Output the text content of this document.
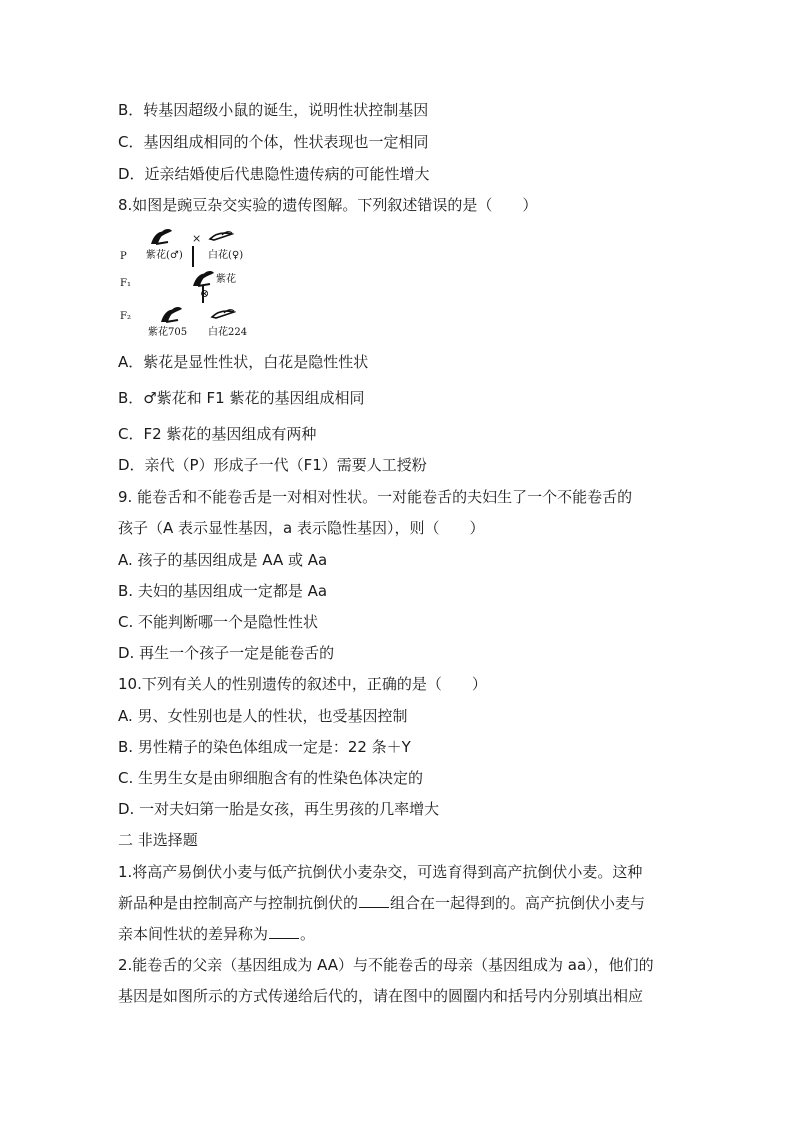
B．转基因超级小鼠的诞生，说明性状控制基因
C．基因组成相同的个体，性状表现也一定相同
D．近亲结婚使后代患隐性遗传病的可能性增大
8.如图是豌豆杂交实验的遗传图解。下列叙述错误的是（　　）
P
F₁
F₂
×
紫花(♂)	白花(♀)
紫花
⊗
紫花705 白花224
A．紫花是显性性状，白花是隐性性状
B．♂紫花和 F1 紫花的基因组成相同
C．F2 紫花的基因组成有两种
D．亲代（P）形成子一代（F1）需要人工授粉
9. 能卷舌和不能卷舌是一对相对性状。一对能卷舌的夫妇生了一个不能卷舌的
孩子（A 表示显性基因，a 表示隐性基因），则（　　）
A. 孩子的基因组成是 AA 或 Aa
B. 夫妇的基因组成一定都是 Aa
C. 不能判断哪一个是隐性性状
D. 再生一个孩子一定是能卷舌的
10.下列有关人的性别遗传的叙述中，正确的是（　　）
A. 男、女性别也是人的性状，也受基因控制
B. 男性精子的染色体组成一定是：22 条＋Y
C. 生男生女是由卵细胞含有的性染色体决定的
D. 一对夫妇第一胎是女孩，再生男孩的几率增大
二 非选择题
1.将高产易倒伏小麦与低产抗倒伏小麦杂交，可选育得到高产抗倒伏小麦。这种
新品种是由控制高产与控制抗倒伏的 组合在一起得到的。高产抗倒伏小麦与
亲本间性状的差异称为 。
2.能卷舌的父亲（基因组成为 AA）与不能卷舌的母亲（基因组成为 aa），他们的
基因是如图所示的方式传递给后代的，请在图中的圆圈内和括号内分别填出相应
